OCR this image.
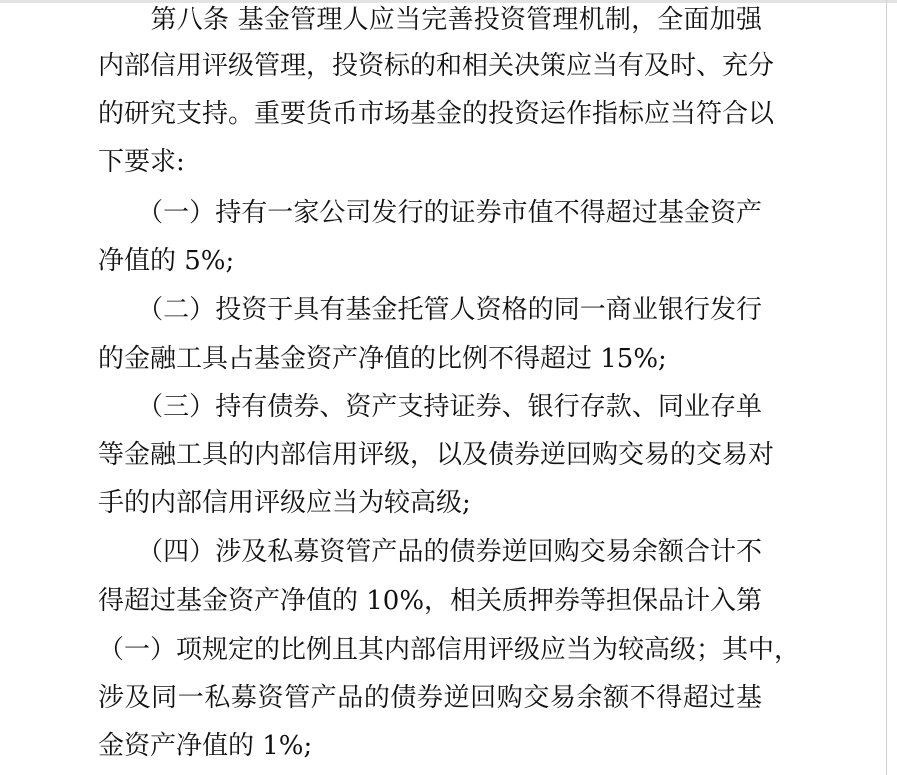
　　第八条 基金管理人应当完善投资管理机制，全面加强
内部信用评级管理，投资标的和相关决策应当有及时、充分
的研究支持。重要货币市场基金的投资运作指标应当符合以
下要求:
　　（一）持有一家公司发行的证券市值不得超过基金资产
净值的 5%;
　　（二）投资于具有基金托管人资格的同一商业银行发行
的金融工具占基金资产净值的比例不得超过 15%;
　　（三）持有债券、资产支持证券、银行存款、同业存单
等金融工具的内部信用评级，以及债券逆回购交易的交易对
手的内部信用评级应当为较高级;
　　（四）涉及私募资管产品的债券逆回购交易余额合计不
得超过基金资产净值的 10%，相关质押券等担保品计入第
（一）项规定的比例且其内部信用评级应当为较高级；其中，
涉及同一私募资管产品的债券逆回购交易余额不得超过基
金资产净值的 1%;
